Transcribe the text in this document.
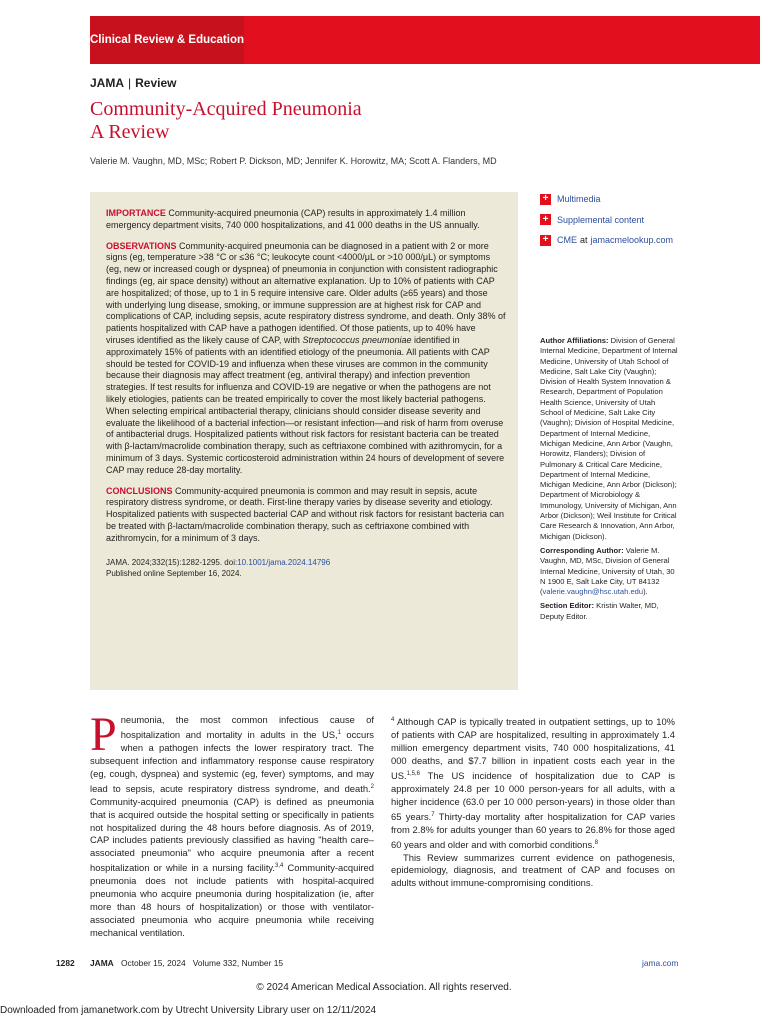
Clinical Review & Education
JAMA | Review
Community-Acquired Pneumonia
A Review
Valerie M. Vaughn, MD, MSc; Robert P. Dickson, MD; Jennifer K. Horowitz, MA; Scott A. Flanders, MD

IMPORTANCE Community-acquired pneumonia (CAP) results in approximately 1.4 million emergency department visits, 740 000 hospitalizations, and 41 000 deaths in the US annually.

OBSERVATIONS Community-acquired pneumonia can be diagnosed in a patient with 2 or more signs (eg, temperature >38 °C or ≤36 °C; leukocyte count <4000/μL or >10 000/μL) or symptoms (eg, new or increased cough or dyspnea) of pneumonia in conjunction with consistent radiographic findings (eg, air space density) without an alternative explanation. Up to 10% of patients with CAP are hospitalized; of those, up to 1 in 5 require intensive care. Older adults (≥65 years) and those with underlying lung disease, smoking, or immune suppression are at highest risk for CAP and complications of CAP, including sepsis, acute respiratory distress syndrome, and death. Only 38% of patients hospitalized with CAP have a pathogen identified. Of those patients, up to 40% have viruses identified as the likely cause of CAP, with Streptococcus pneumoniae identified in approximately 15% of patients with an identified etiology of the pneumonia. All patients with CAP should be tested for COVID-19 and influenza when these viruses are common in the community because their diagnosis may affect treatment (eg, antiviral therapy) and infection prevention strategies. If test results for influenza and COVID-19 are negative or when the pathogens are not likely etiologies, patients can be treated empirically to cover the most likely bacterial pathogens. When selecting empirical antibacterial therapy, clinicians should consider disease severity and evaluate the likelihood of a bacterial infection—or resistant infection—and risk of harm from overuse of antibacterial drugs. Hospitalized patients without risk factors for resistant bacteria can be treated with β-lactam/macrolide combination therapy, such as ceftriaxone combined with azithromycin, for a minimum of 3 days. Systemic corticosteroid administration within 24 hours of development of severe CAP may reduce 28-day mortality.

CONCLUSIONS Community-acquired pneumonia is common and may result in sepsis, acute respiratory distress syndrome, or death. First-line therapy varies by disease severity and etiology. Hospitalized patients with suspected bacterial CAP and without risk factors for resistant bacteria can be treated with β-lactam/macrolide combination therapy, such as ceftriaxone combined with azithromycin, for a minimum of 3 days.

JAMA. 2024;332(15):1282-1295. doi:10.1001/jama.2024.14796
Published online September 16, 2024.
+ Multimedia
+ Supplemental content
+ CME at jamacmelookup.com

Author Affiliations: Division of General Internal Medicine, Department of Internal Medicine, University of Utah School of Medicine, Salt Lake City (Vaughn); Division of Health System Innovation & Research, Department of Population Health Science, University of Utah School of Medicine, Salt Lake City (Vaughn); Division of Hospital Medicine, Department of Internal Medicine, Michigan Medicine, Ann Arbor (Vaughn, Horowitz, Flanders); Division of Pulmonary & Critical Care Medicine, Department of Internal Medicine, Michigan Medicine, Ann Arbor (Dickson); Department of Microbiology & Immunology, University of Michigan, Ann Arbor (Dickson); Weil Institute for Critical Care Research & Innovation, Ann Arbor, Michigan (Dickson).

Corresponding Author: Valerie M. Vaughn, MD, MSc, Division of General Internal Medicine, University of Utah, 30 N 1900 E, Salt Lake City, UT 84132 (valerie.vaughn@hsc.utah.edu).

Section Editor: Kristin Walter, MD, Deputy Editor.

Pneumonia, the most common infectious cause of hospitalization and mortality in adults in the US,$^1$ occurs when a pathogen infects the lower respiratory tract. The subsequent infection and inflammatory response cause respiratory (eg, cough, dyspnea) and systemic (eg, fever) symptoms, and may lead to sepsis, acute respiratory distress syndrome, and death.$^2$ Community-acquired pneumonia (CAP) is defined as pneumonia that is acquired outside the hospital setting or specifically in patients not hospitalized during the 48 hours before diagnosis. As of 2019, CAP includes patients previously classified as having "health care–associated pneumonia" who acquire pneumonia after a recent hospitalization or while in a nursing facility.$^{3,4}$ Community-acquired pneumonia does not include patients with hospital-acquired pneumonia who acquire pneumonia during hospitalization (ie, after more than 48 hours of hospitalization) or those with ventilator-associated pneumonia who acquire pneumonia while receiving mechanical ventilation.

$^4$ Although CAP is typically treated in outpatient settings, up to 10% of patients with CAP are hospitalized, resulting in approximately 1.4 million emergency department visits, 740 000 hospitalizations, 41 000 deaths, and $7.7 billion in inpatient costs each year in the US.$^{1,5,6}$ The US incidence of hospitalization due to CAP is approximately 24.8 per 10 000 person-years for all adults, with a higher incidence (63.0 per 10 000 person-years) in those older than 65 years.$^7$ Thirty-day mortality after hospitalization for CAP varies from 2.8% for adults younger than 60 years to 26.8% for those aged 60 years and older and with comorbid conditions.$^8$

This Review summarizes current evidence on pathogenesis, epidemiology, diagnosis, and treatment of CAP and focuses on adults without immune-compromising conditions.

1282 JAMA October 15, 2024   Volume 332, Number 15	jama.com
© 2024 American Medical Association. All rights reserved.
Downloaded from jamanetwork.com by Utrecht University Library user on 12/11/2024
